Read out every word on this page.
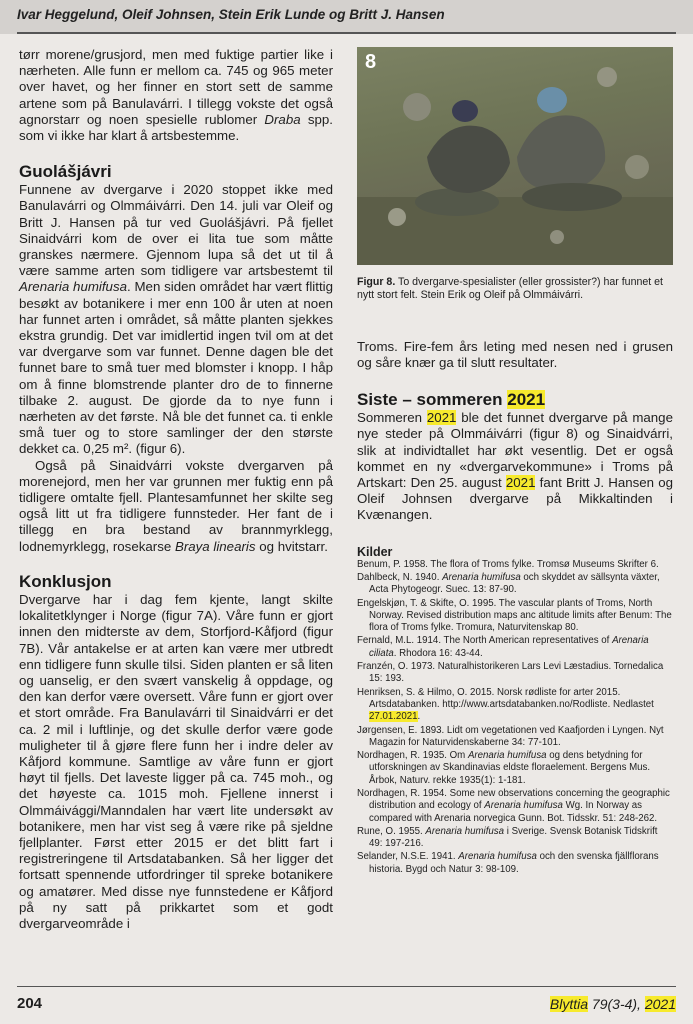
Ivar Heggelund, Oleif Johnsen, Stein Erik Lunde og Britt J. Hansen

tørr morene/grusjord, men med fuktige partier like i nærheten. Alle funn er mellom ca. 745 og 965 meter over havet, og her finner en stort sett de samme artene som på Banulavárri. I tillegg vokste det også agnorstarr og noen spesielle rublomer Draba spp. som vi ikke har klart å artsbestemme.

Guolášjávri

Funnene av dvergarve i 2020 stoppet ikke med Banulavárri og Olmmáivárri. Den 14. juli var Oleif og Britt J. Hansen på tur ved Guolášjávri. På fjellet Sinaidvárri kom de over ei lita tue som måtte granskes nærmere. Gjennom lupa så det ut til å være samme arten som tidligere var artsbestemt til Arenaria humifusa. Men siden området har vært flittig besøkt av botanikere i mer enn 100 år uten at noen har funnet arten i området, så måtte planten sjekkes ekstra grundig. Det var imidlertid ingen tvil om at det var dvergarve som var funnet. Denne dagen ble det funnet bare to små tuer med blomster i knopp. I håp om å finne blomstrende planter dro de to finnerne tilbake 2. august. De gjorde da to nye funn i nærheten av det første. Nå ble det funnet ca. ti enkle små tuer og to store samlinger der den største dekket ca. 0,25 m². (figur 6).

Også på Sinaidvárri vokste dvergarven på morenejord, men her var grunnen mer fuktig enn på tidligere omtalte fjell. Plantesamfunnet her skilte seg også litt ut fra tidligere funnsteder. Her fant de i tillegg en bra bestand av brannmyrklegg, lodnemyrklegg, rosekarse Braya linearis og hvitstarr.

Konklusjon

Dvergarve har i dag fem kjente, langt skilte lokalitetklynger i Norge (figur 7A). Våre funn er gjort innen den midterste av dem, Storfjord-Kåfjord (figur 7B). Vår antakelse er at arten kan være mer utbredt enn tidligere funn skulle tilsi. Siden planten er så liten og uanselig, er den svært vanskelig å oppdage, og den kan derfor være oversett. Våre funn er gjort over et stort område. Fra Banulavárri til Sinaidvárri er det ca. 2 mil i luftlinje, og det skulle derfor være gode muligheter til å gjøre flere funn her i indre deler av Kåfjord kommune. Samtlige av våre funn er gjort høyt til fjells. Det laveste ligger på ca. 745 moh., og det høyeste ca. 1015 moh. Fjellene innerst i Olmmáivággi/Manndalen har vært lite undersøkt av botanikere, men har vist seg å være rike på sjeldne fjellplanter. Først etter 2015 er det blitt fart i registreringene til Artsdatabanken. Så her ligger det fortsatt spennende utfordringer til spreke botanikere og amatører. Med disse nye funnstedene er Kåfjord på ny satt på prikkartet som et godt dvergarveområde i

8
Figur 8. To dvergarve-spesialister (eller grossister?) har funnet et nytt stort felt. Stein Erik og Oleif på Olmmáivárri.

Troms. Fire-fem års leting med nesen ned i grusen og såre knær ga til slutt resultater.

Siste – sommeren 2021

Sommeren 2021 ble det funnet dvergarve på mange nye steder på Olmmáivárri (figur 8) og Sinaidvárri, slik at individtallet har økt vesentlig. Det er også kommet en ny «dvergarvekommune» i Troms på Artskart: Den 25. august 2021 fant Britt J. Hansen og Oleif Johnsen dvergarve på Mikkaltinden i Kvænangen.

Kilder
Benum, P. 1958. The flora of Troms fylke. Tromsø Museums Skrifter 6.
Dahlbeck, N. 1940. Arenaria humifusa och skyddet av sällsynta växter, Acta Phytogeogr. Suec. 13: 87-90.
Engelskjøn, T. & Skifte, O. 1995. The vascular plants of Troms, North Norway. Revised distribution maps anc altitude limits after Benum: The flora of Troms fylke. Tromura, Naturvitenskap 80.
Fernald, M.L. 1914. The North American representatives of Arenaria ciliata. Rhodora 16: 43-44.
Franzén, O. 1973. Naturalhistorikeren Lars Levi Læstadius. Tornedalica 15: 193.
Henriksen, S. & Hilmo, O. 2015. Norsk rødliste for arter 2015. Artsdatabanken. http://www.artsdatabanken.no/Rodliste. Nedlastet 27.01.2021.
Jørgensen, E. 1893. Lidt om vegetationen ved Kaafjorden i Lyngen. Nyt Magazin for Naturvidenskaberne 34: 77-101.
Nordhagen, R. 1935. Om Arenaria humifusa og dens betydning for utforskningen av Skandinavias eldste floraelement. Bergens Mus. Årbok, Naturv. rekke 1935(1): 1-181.
Nordhagen, R. 1954. Some new observations concerning the geographic distribution and ecology of Arenaria humifusa Wg. In Norway as compared with Arenaria norvegica Gunn. Bot. Tidsskr. 51: 248-262.
Rune, O. 1955. Arenaria humifusa i Sverige. Svensk Botanisk Tidskrift 49: 197-216.
Selander, N.S.E. 1941. Arenaria humifusa och den svenska fjällflorans historia. Bygd och Natur 3: 98-109.
204	Blyttia 79(3-4), 2021
